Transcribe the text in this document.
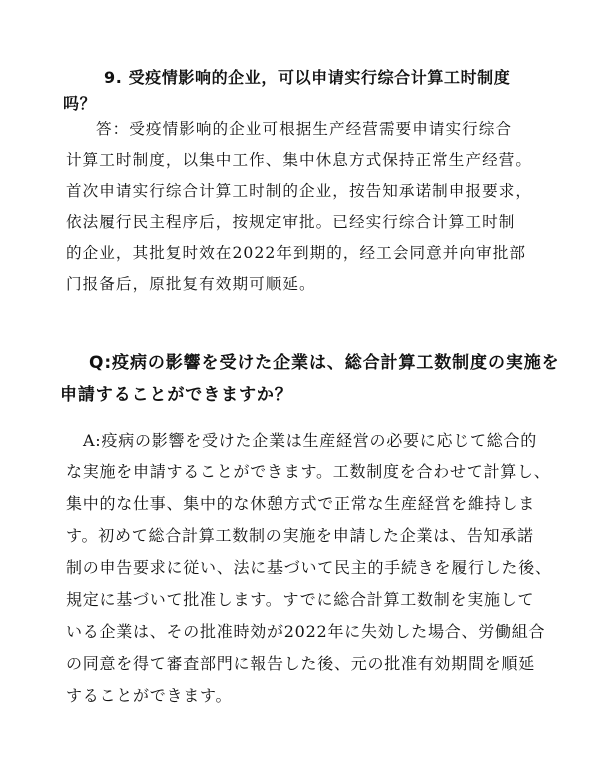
9. 受疫情影响的企业，可以申请实行综合计算工时制度
吗？
答：受疫情影响的企业可根据生产经营需要申请实行综合
计算工时制度，以集中工作、集中休息方式保持正常生产经营。
首次申请实行综合计算工时制的企业，按告知承诺制申报要求，
依法履行民主程序后，按规定审批。已经实行综合计算工时制
的企业，其批复时效在2022年到期的，经工会同意并向审批部
门报备后，原批复有效期可顺延。
Q:疫病の影響を受けた企業は、総合計算工数制度の実施を
申請することができますか？
A:疫病の影響を受けた企業は生産経営の必要に応じて総合的
な実施を申請することができます。工数制度を合わせて計算し、
集中的な仕事、集中的な休憩方式で正常な生産経営を維持しま
す。初めて総合計算工数制の実施を申請した企業は、告知承諾
制の申告要求に従い、法に基づいて民主的手続きを履行した後、
規定に基づいて批准します。すでに総合計算工数制を実施して
いる企業は、その批准時効が2022年に失効した場合、労働組合
の同意を得て審査部門に報告した後、元の批准有効期間を順延
することができます。
